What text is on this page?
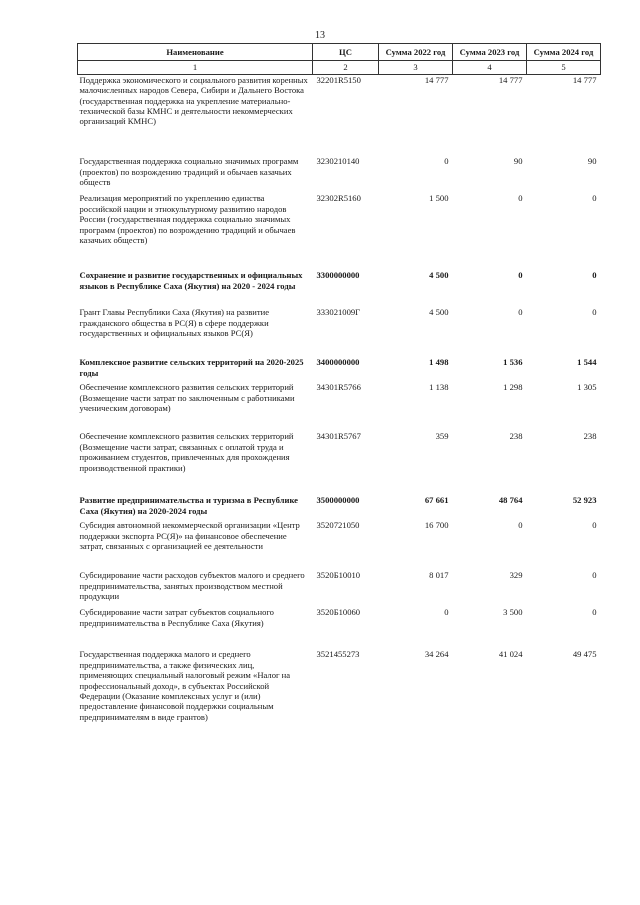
13
Наименование	ЦС	Сумма 2022 год	Сумма 2023 год	Сумма 2024 год
1	2	3	4	5
Поддержка экономического и социального развития коренных малочисленных народов Севера, Сибири и Дальнего Востока (государственная поддержка на укрепление материально-технической базы КМНС и деятельности некоммерческих организаций КМНС)	32201R5150	14 777	14 777	14 777
Государственная поддержка социально значимых программ (проектов) по возрождению традиций и обычаев казачьих обществ	3230210140	0	90	90
Реализация мероприятий по укреплению единства российской нации и этнокультурному развитию народов России (государственная поддержка социально значимых программ (проектов) по возрождению традиций и обычаев казачьих обществ)	32302R5160	1 500	0	0
Сохранение и развитие государственных и официальных языков в Республике Саха (Якутия) на 2020 - 2024 годы	3300000000	4 500	0	0
Грант Главы Республики Саха (Якутия) на развитие гражданского общества в РС(Я) в сфере поддержки государственных и официальных языков РС(Я)	333021009Г	4 500	0	0
Комплексное развитие сельских территорий на 2020-2025 годы	3400000000	1 498	1 536	1 544
Обеспечение комплексного развития сельских территорий (Возмещение части затрат по заключенным с работниками ученическим договорам)	34301R5766	1 138	1 298	1 305
Обеспечение комплексного развития сельских территорий (Возмещение части затрат, связанных с оплатой труда и проживанием студентов, привлеченных для прохождения производственной практики)	34301R5767	359	238	238
Развитие предпринимательства и туризма в Республике Саха (Якутия) на 2020-2024 годы	3500000000	67 661	48 764	52 923
Субсидия автономной некоммерческой организации «Центр поддержки экспорта РС(Я)» на финансовое обеспечение затрат, связанных с организацией ее деятельности	3520721050	16 700	0	0
Субсидирование части расходов субъектов малого и среднего предпринимательства, занятых производством местной продукции	3520Б10010	8 017	329	0
Субсидирование части затрат субъектов социального предпринимательства в Республике Саха (Якутия)	3520Б10060	0	3 500	0
Государственная поддержка малого и среднего предпринимательства, а также физических лиц, применяющих специальный налоговый режим «Налог на профессиональный доход», в субъектах Российской Федерации (Оказание комплексных услуг и (или) предоставление финансовой поддержки социальным предпринимателям в виде грантов)	3521455273	34 264	41 024	49 475
